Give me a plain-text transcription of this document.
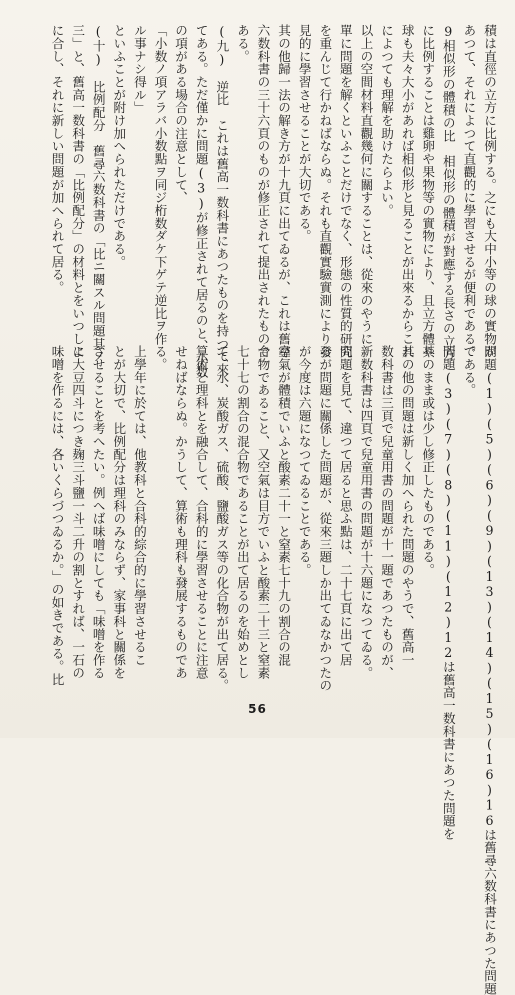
積は直徑の立方に比例する。之にも大中小等の球の實物が
あつて、それによつて直觀的に學習させるが便利である。
9相似形の體積の比　相似形の體積が對應する長さの立方
に比例することは雞卵や果物等の實物により、且立方體や
球も夫々大小があれば相似形と見ることが出來るからこれ
によつても理解を助けたらよい。
以上の空間材料直觀幾何に關することは、從來のやうに
單に問題を解くといふことだけでなく、形態の性質的研究
を重んじて行かねばならぬ。それも直觀實驗實測により發
見的に學習させることが大切である。
其の他歸一法の解き方が十九頁に出てゐるが、これは舊尋
六数科書の三十六頁のものが修正されて提出されたもので
ある。
(九)　逆比　これは舊高一数科書にあつたものを持つて來
てある。ただ僅かに問題(3)が修正されて居るのと、小数
の項がある場合の注意として、
「小数ノ項アラバ小数點ヲ同ジ桁数ダケ下ゲテ逆比ヲ作
ル事ナシ得ル」
といふことが附け加へられただけである。
(十)　比例配分　舊尋六数科書の「比ニ關スル問題其ノ
三」と、舊高一数科書の「比例配分」の材料とをいつしよ
に合し、それに新しい問題が加へられて居る。
問題(1)(5)(6)(9)(13)(14)(15)(16)16は舊尋六数科書にあつた問題
である。
問題(3)(7)(8)(11)(12)12は舊高一数科書にあつた問題を
其のまま或は少し修正したものである。
其の他の問題は新しく加へられた問題のやうで、舊高一
数科書は三頁で兒童用書の問題が十一題であつたものが、
新数科書は四頁で兒童用書の問題が十六題になつてゐる。
問題を見て、違つて居ると思ふ點は、二十七頁に出て居
るが問題に關係した問題が、從來三題しか出てゐなかつたの
が今度は六題になつてゐることである。
空氣が體積でいふと酸素二十一と窒素七十九の割合の混
合物であること、又空氣は目方でいふと酸素二十三と窒素
七十七の割合の混合物であることが出て居るのを始めとし
て、水、炭酸ガス、硫酸、鹽酸ガス等の化合物が出て居る。
算術と理科とを融合して、合科的に學習させることに注意
せねばならぬ。かうして、算術も理科も發展するものであ
る。
上學年に於ては、他教科と合科的綜合的に學習させるこ
とが大切で、比例配分は理科のみならず、家事科と關係を
させることを考へたい。例へば味噌にしても「味噌を作る
に大豆四斗につき麹三斗鹽一斗二升の割とすれば、一石の
味噌を作るには、各いくらづつゐるか。」の如きである。比
56
